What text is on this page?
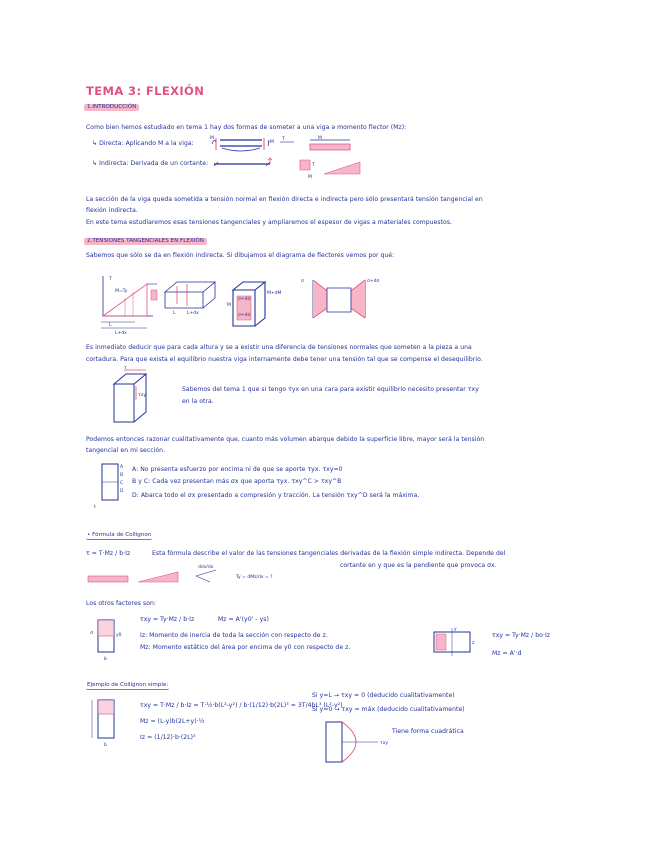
TEMA 3: FLEXIÓN
1.INTRODUCCIÓN
Como bien hemos estudiado en tema 1 hay dos formas de someter a una viga a momento flector (Mz):
↳ Directa: Aplicando M a la viga:
↳ Indirecta: Derivada de un cortante:
M
M	T	M
T
M
La sección de la viga queda sometida a tensión normal en flexión directa e indirecta pero sólo presentará tensión tangencial en
flexión indirecta.
En este tema estudiaremos esas tensiones tangenciales y ampliaremos el espesor de vigas a materiales compuestos.
2.TENSIONES TANGENCIALES EN FLEXIÓN
Sabemos que sólo se da en flexión indirecta. Si dibujamos el diagrama de flectores vemos por qué:
T
M=Ty
L
L+dx
L	L+dx
M
M+dM
σ+dσ
σ+dσ
σ+dσ
σ
Es inmediato deducir que para cada altura y se a existir una diferencia de tensiones normales que someten a la pieza a una
cortadura. Para que exista el equilibrio nuestra viga internamente debe tener una tensión tal que se compense el desequilibrio.
τ
τxy
Sabemos del tema 1 que si tengo τyx en una cara para existir equilibrio necesito presentar τxy
en la otra.
Podemos entonces razonar cualitativamente que, cuanto más volumen abarque debido la superficie libre, mayor será la tensión
tangencial en mi sección.
A
B
C
D
t
A: No presenta esfuerzo por encima ni de que se aporte τyx. τxy=0
B y C: Cada vez presentan más σx que aporta τyx. τxy^C > τxy^B
D: Abarca todo el σx presentado a compresión y tracción. La tensión τxy^D será la máxima.
• Fórmula de Collignon
τ = T·Mz / b·Iz	Esta fórmula describe el valor de las tensiones tangenciales derivadas de la flexión simple indirecta. Depende del
cortante en y que es la pendiente que provoca σx.
dσx/dx
Ty = dMz/dx = ?
Los otros factores son:
d	y0
b
τxy = Ty·Mz / b·Iz	Mz = A'(y0' - ys)
Iz: Momento de inercia de toda la sección con respecto de z.
Mz: Momento estático del área por encima de y0 con respecto de z.
y
z
τxy = Ty·Mz / bo·Iz
Mz = A'·d
Ejemplo de Collignon simple:
b
τxy = T·Mz / b·Iz = T·½·b(L²-y²) / b·(1/12)·b(2L)³ = 3T/4bL³ (L²-y²)
Mz = (L-y)b(2L+y)·½
Iz = (1/12)·b·(2L)³
Si y=L → τxy = 0 (deducido cualitativamente)
Si y=0 → τxy = máx (deducido cualitativamente)
τxy
Tiene forma cuadrática
